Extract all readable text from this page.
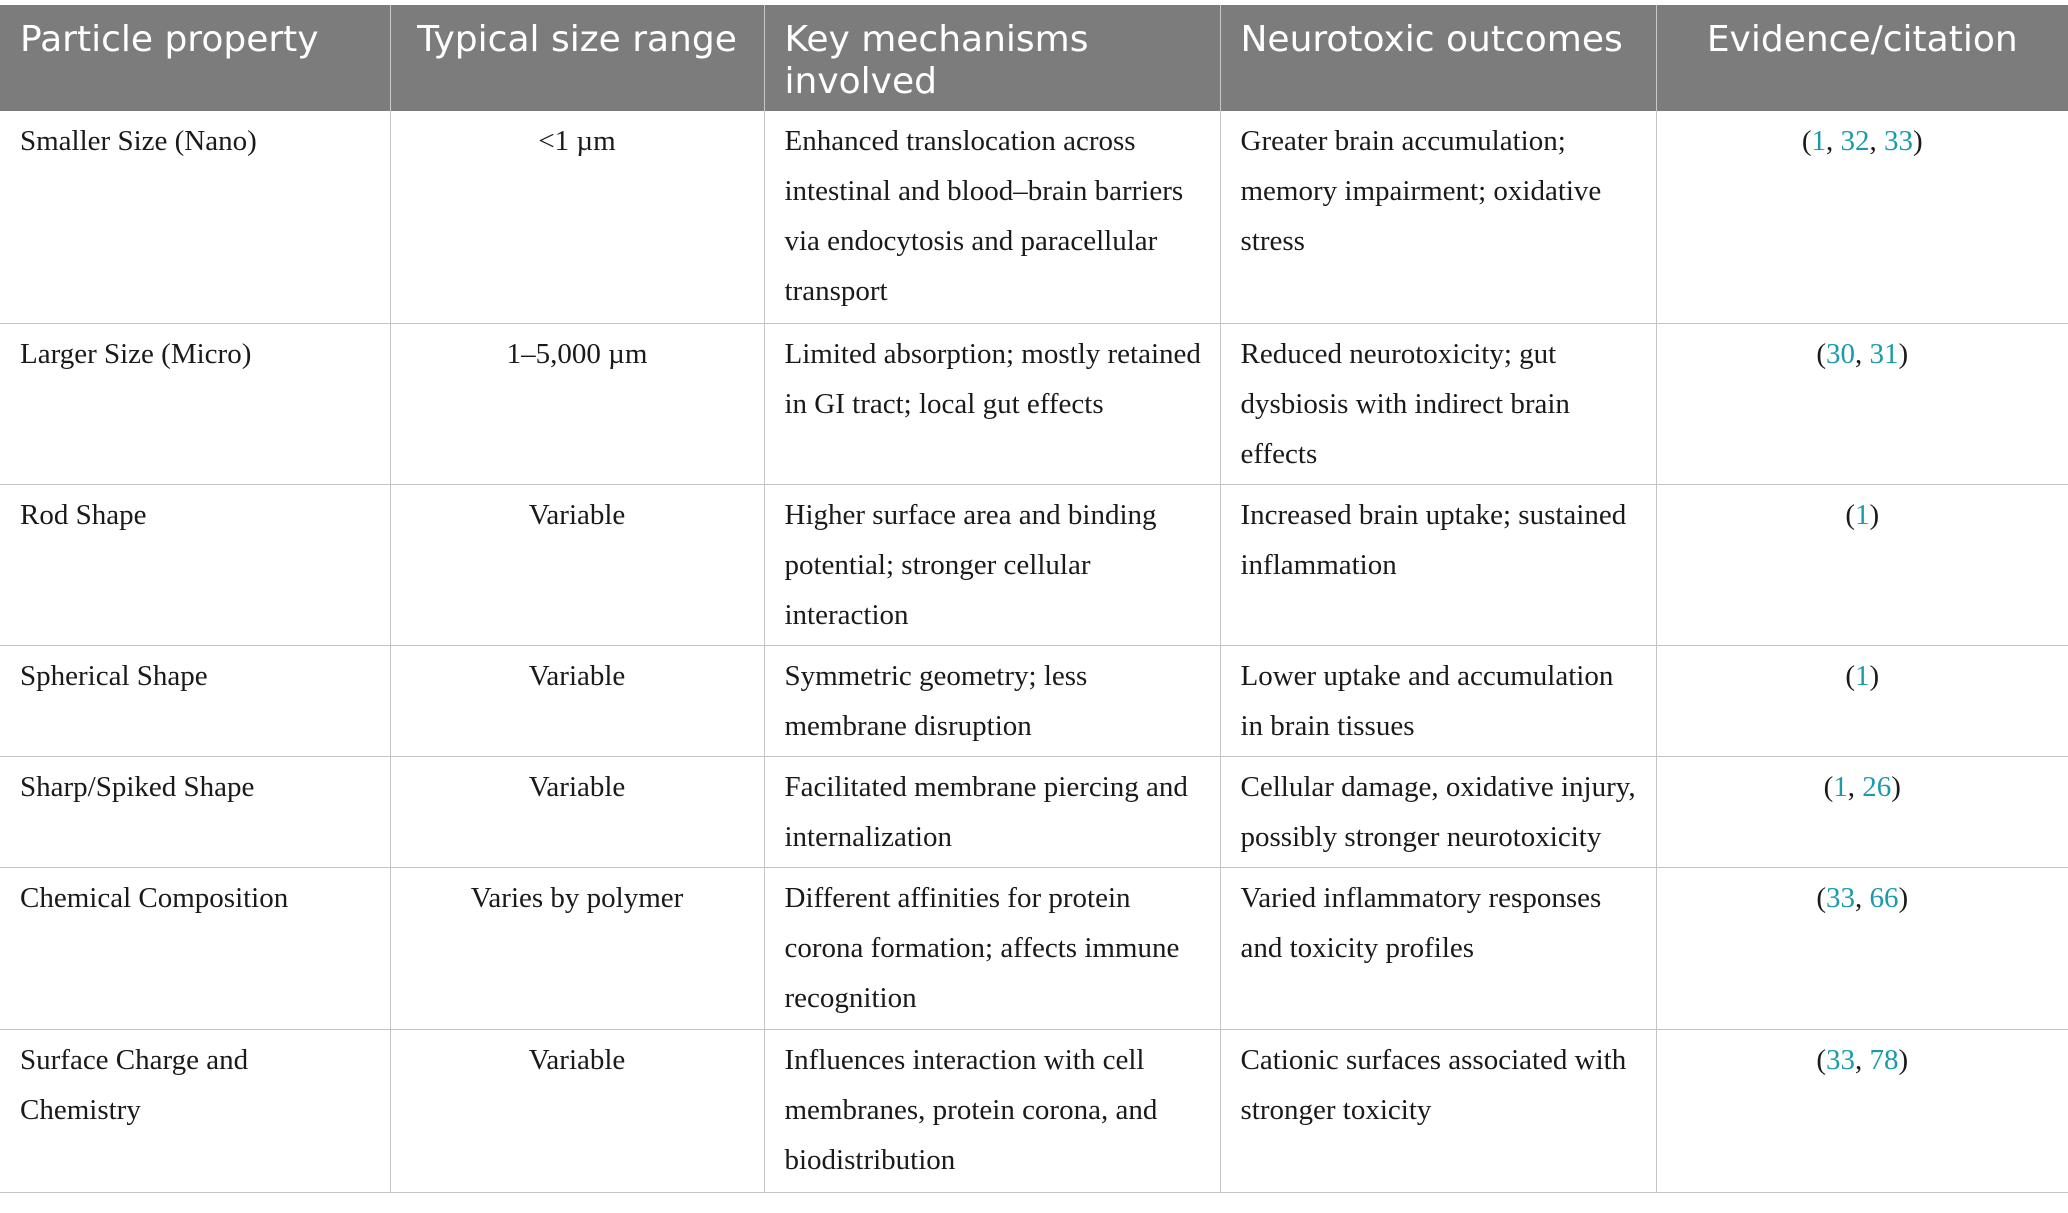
Particle property	Typical size range	Key mechanisms involved	Neurotoxic outcomes	Evidence/citation
Smaller Size (Nano)	<1 µm	Enhanced translocation across intestinal and blood–brain barriers via endocytosis and paracellular transport	Greater brain accumulation; memory impairment; oxidative stress	(1, 32, 33)
Larger Size (Micro)	1–5,000 µm	Limited absorption; mostly retained in GI tract; local gut effects	Reduced neurotoxicity; gut dysbiosis with indirect brain effects	(30, 31)
Rod Shape	Variable	Higher surface area and binding potential; stronger cellular interaction	Increased brain uptake; sustained inflammation	(1)
Spherical Shape	Variable	Symmetric geometry; less membrane disruption	Lower uptake and accumulation in brain tissues	(1)
Sharp/Spiked Shape	Variable	Facilitated membrane piercing and internalization	Cellular damage, oxidative injury, possibly stronger neurotoxicity	(1, 26)
Chemical Composition	Varies by polymer	Different affinities for protein corona formation; affects immune recognition	Varied inflammatory responses and toxicity profiles	(33, 66)
Surface Charge and Chemistry	Variable	Influences interaction with cell membranes, protein corona, and biodistribution	Cationic surfaces associated with stronger toxicity	(33, 78)
